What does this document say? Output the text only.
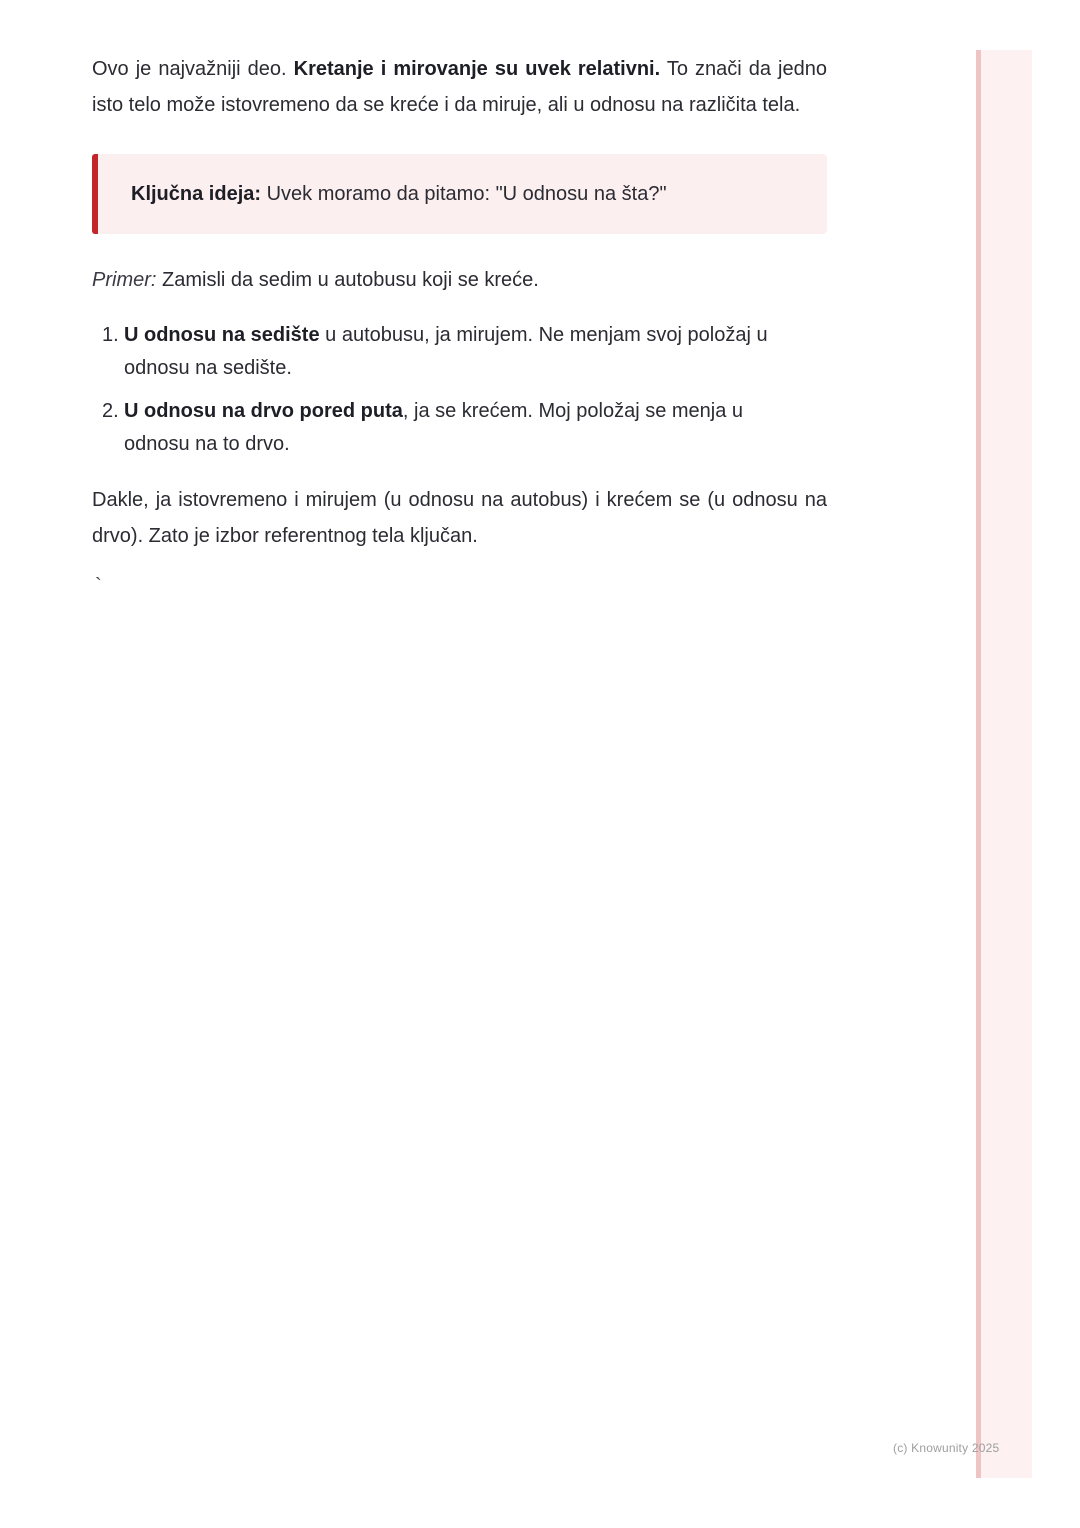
Ovo je najvažniji deo. Kretanje i mirovanje su uvek relativni. To znači da jedno isto telo može istovremeno da se kreće i da miruje, ali u odnosu na različita tela.

Ključna ideja: Uvek moramo da pitamo: "U odnosu na šta?"

Primer: Zamisli da sedim u autobusu koji se kreće.

1. U odnosu na sedište u autobusu, ja mirujem. Ne menjam svoj položaj u odnosu na sedište.
2. U odnosu na drvo pored puta, ja se krećem. Moj položaj se menja u odnosu na to drvo.

Dakle, ja istovremeno i mirujem (u odnosu na autobus) i krećem se (u odnosu na drvo). Zato je izbor referentnog tela ključan.

`
(c) Knowunity 2025
